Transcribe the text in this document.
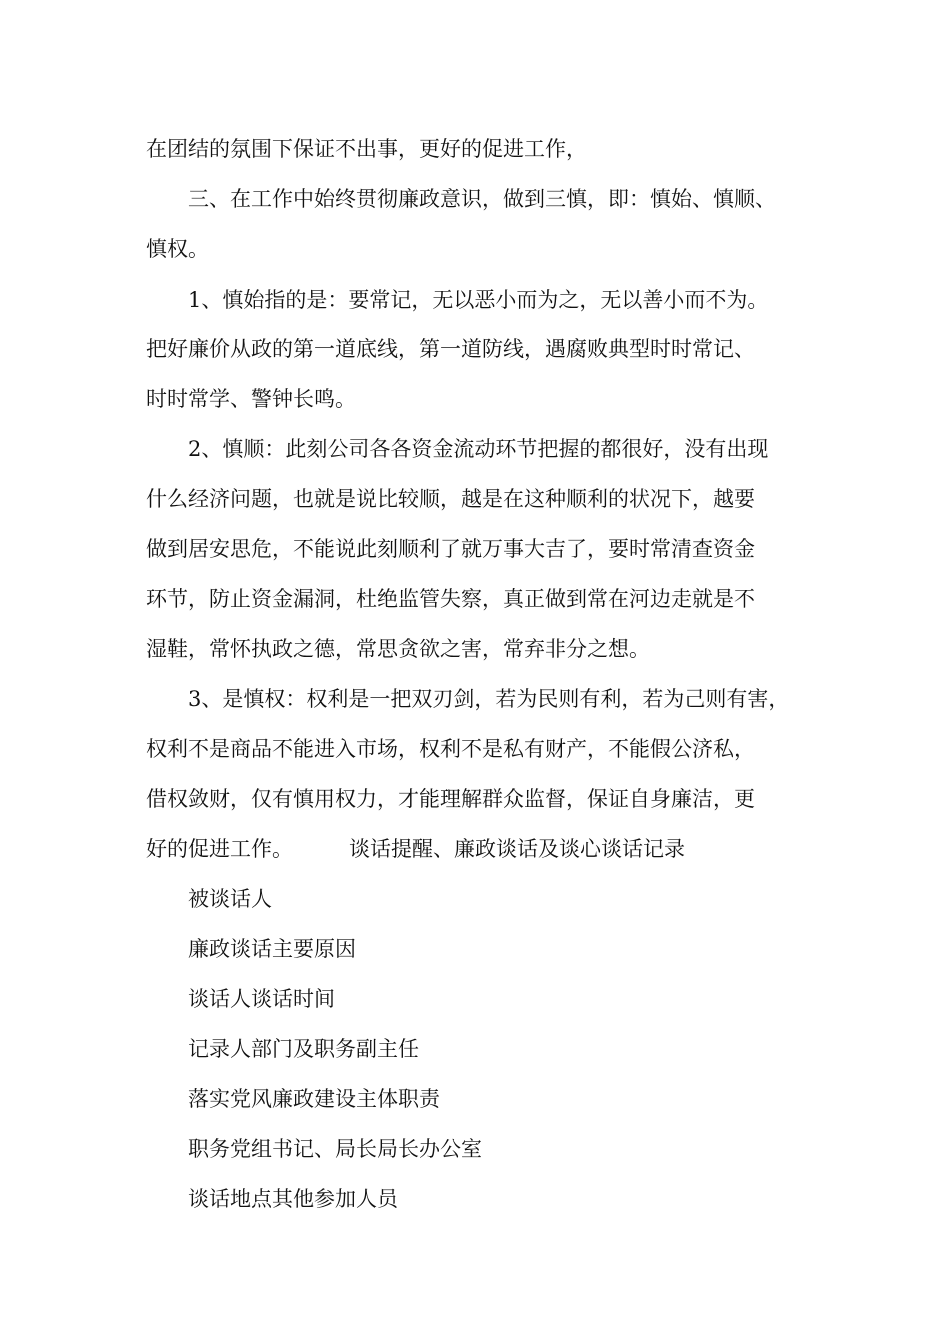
在团结的氛围下保证不出事，更好的促进工作，
三、在工作中始终贯彻廉政意识，做到三慎，即：慎始、慎顺、
慎权。
1、慎始指的是：要常记，无以恶小而为之，无以善小而不为。
把好廉价从政的第一道底线，第一道防线，遇腐败典型时时常记、
时时常学、警钟长鸣。
2、慎顺：此刻公司各各资金流动环节把握的都很好，没有出现
什么经济问题，也就是说比较顺，越是在这种顺利的状况下，越要
做到居安思危，不能说此刻顺利了就万事大吉了，要时常清查资金
环节，防止资金漏洞，杜绝监管失察，真正做到常在河边走就是不
湿鞋，常怀执政之德，常思贪欲之害，常弃非分之想。
3、是慎权：权利是一把双刃剑，若为民则有利，若为己则有害，
权利不是商品不能进入市场，权利不是私有财产，不能假公济私，
借权敛财，仅有慎用权力，才能理解群众监督，保证自身廉洁，更
好的促进工作。	谈话提醒、廉政谈话及谈心谈话记录
被谈话人
廉政谈话主要原因
谈话人谈话时间
记录人部门及职务副主任
落实党风廉政建设主体职责
职务党组书记、局长局长办公室
谈话地点其他参加人员
